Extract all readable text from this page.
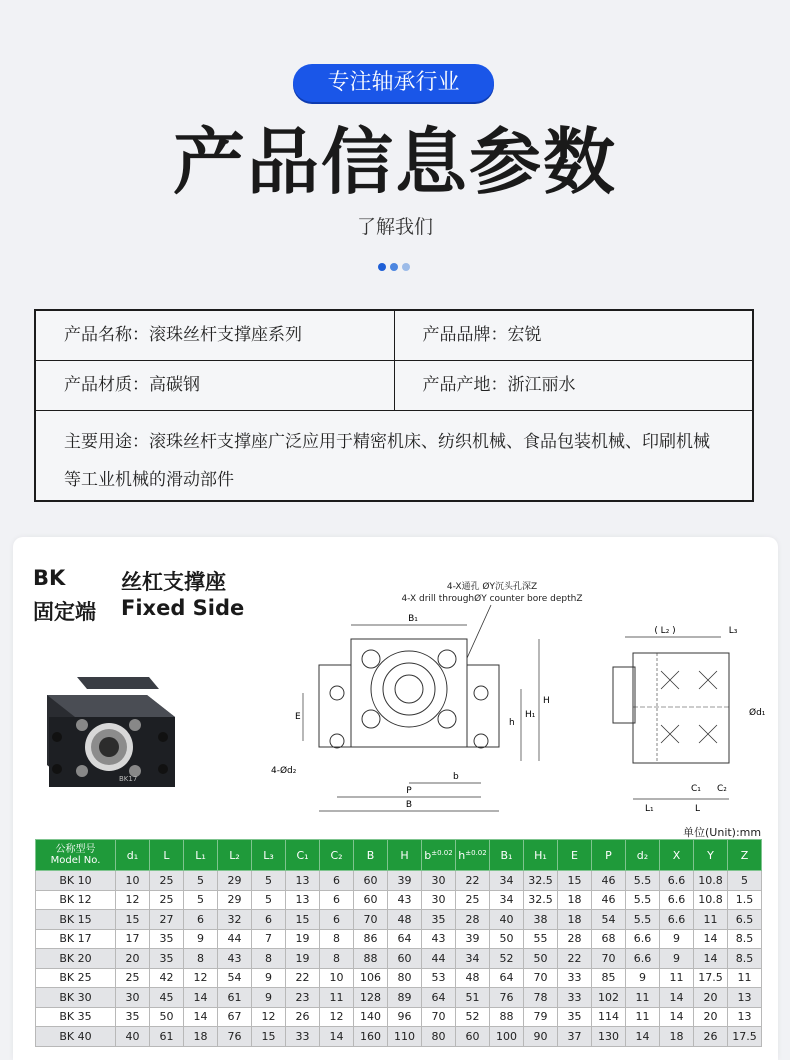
专注轴承行业
产品信息参数
了解我们
产品名称：滚珠丝杆支撑座系列	产品品牌：宏锐
产品材质：高碳钢	产品产地：浙江丽水
主要用途：滚珠丝杆支撑座广泛应用于精密机床、纺织机械、食品包装机械、印刷机械等工业机械的滑动部件
BK	丝杠支撑座
固定端 Fixed Side
BK17
4-X通孔 ØY沉头孔深Z
4-X drill throughØY counter bore depthZ
B₁
E
h
H₁
H
4-Ød₂
b
P
B
( L₂ )	L₃
Ød₁
C₁ C₂
L₁	L
单位(Unit):mm
公称型号
Model No.	d₁	L	L₁	L₂	L₃	C₁	C₂	B	H	$b^{\pm 0.02}$	$h^{\pm 0.02}$	B₁	H₁	E	P	d₂	X	Y	Z
BK 10	10	25	5	29	5	13	6	60	39	30	22	34	32.5	15	46	5.5	6.6	10.8	5
BK 12	12	25	5	29	5	13	6	60	43	30	25	34	32.5	18	46	5.5	6.6	10.8	1.5
BK 15	15	27	6	32	6	15	6	70	48	35	28	40	38	18	54	5.5	6.6	11	6.5
BK 17	17	35	9	44	7	19	8	86	64	43	39	50	55	28	68	6.6	9	14	8.5
BK 20	20	35	8	43	8	19	8	88	60	44	34	52	50	22	70	6.6	9	14	8.5
BK 25	25	42	12	54	9	22	10	106	80	53	48	64	70	33	85	9	11	17.5	11
BK 30	30	45	14	61	9	23	11	128	89	64	51	76	78	33	102	11	14	20	13
BK 35	35	50	14	67	12	26	12	140	96	70	52	88	79	35	114	11	14	20	13
BK 40	40	61	18	76	15	33	14	160	110	80	60	100	90	37	130	14	18	26	17.5
